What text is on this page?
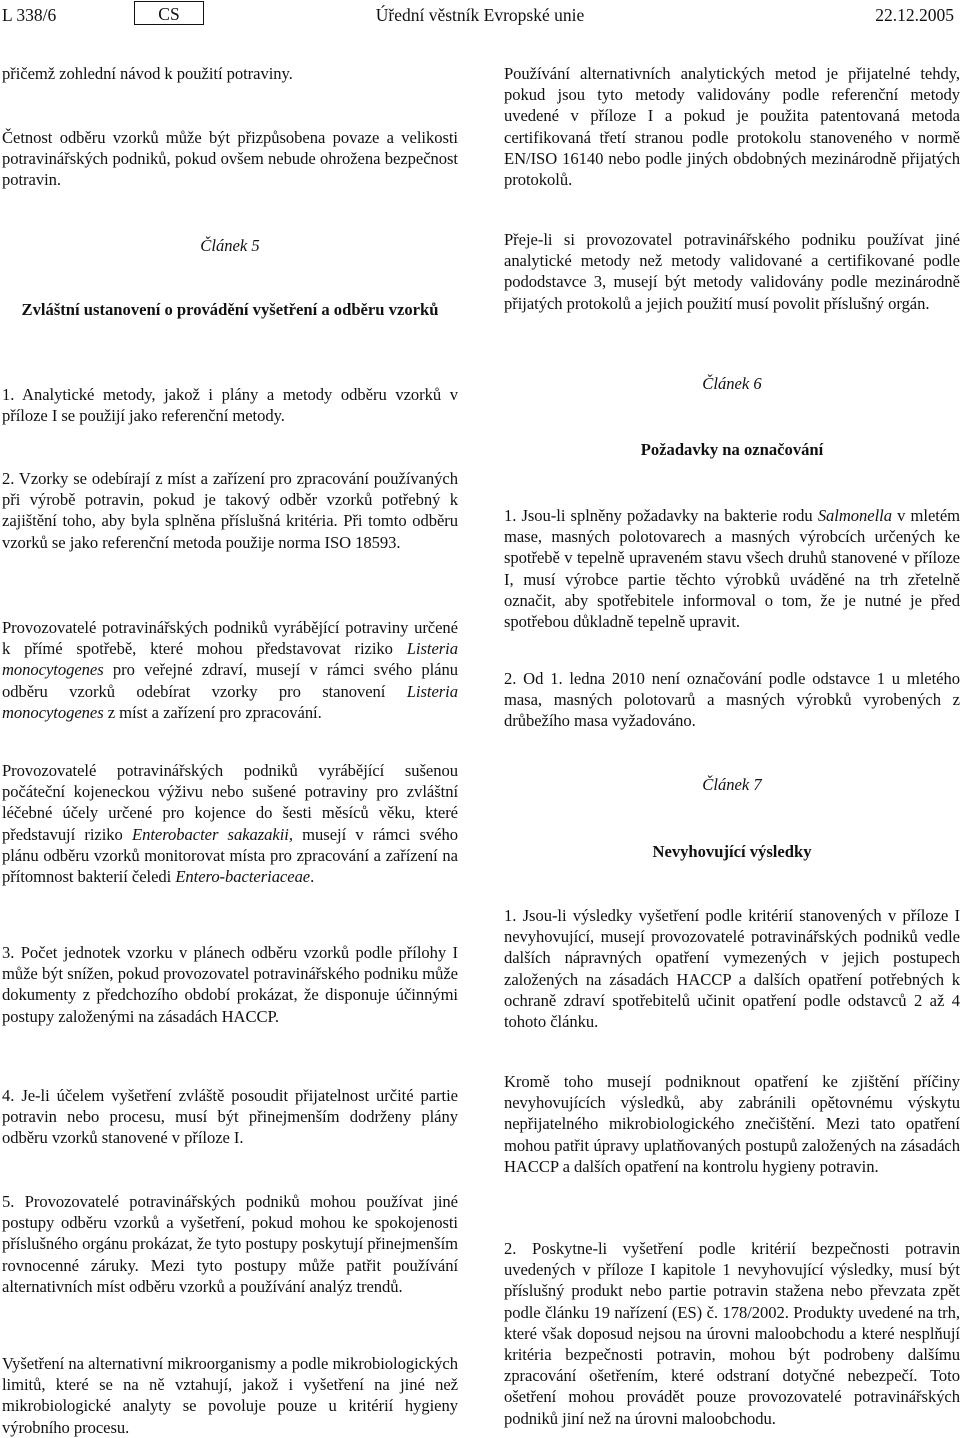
L 338/6	CS	Úřední věstník Evropské unie	22.12.2005

přičemž zohlední návod k použití potraviny.

Četnost odběru vzorků může být přizpůsobena povaze a velikosti potravinářských podniků, pokud ovšem nebude ohrožena bezpečnost potravin.

Článek 5
Zvláštní ustanovení o provádění vyšetření a odběru vzorků

1. Analytické metody, jakož i plány a metody odběru vzorků v příloze I se použijí jako referenční metody.

2. Vzorky se odebírají z míst a zařízení pro zpracování používaných při výrobě potravin, pokud je takový odběr vzorků potřebný k zajištění toho, aby byla splněna příslušná kritéria. Při tomto odběru vzorků se jako referenční metoda použije norma ISO 18593.

Provozovatelé potravinářských podniků vyrábějící potraviny určené k přímé spotřebě, které mohou představovat riziko Listeria monocytogenes pro veřejné zdraví, musejí v rámci svého plánu odběru vzorků odebírat vzorky pro stanovení Listeria monocytogenes z míst a zařízení pro zpracování.

Provozovatelé potravinářských podniků vyrábějící sušenou počáteční kojeneckou výživu nebo sušené potraviny pro zvláštní léčebné účely určené pro kojence do šesti měsíců věku, které představují riziko Enterobacter sakazakii, musejí v rámci svého plánu odběru vzorků monitorovat místa pro zpracování a zařízení na přítomnost bakterií čeledi Entero-bacteriaceae.

3. Počet jednotek vzorku v plánech odběru vzorků podle přílohy I může být snížen, pokud provozovatel potravinářského podniku může dokumenty z předchozího období prokázat, že disponuje účinnými postupy založenými na zásadách HACCP.

4. Je-li účelem vyšetření zvláště posoudit přijatelnost určité partie potravin nebo procesu, musí být přinejmenším dodrženy plány odběru vzorků stanovené v příloze I.

5. Provozovatelé potravinářských podniků mohou používat jiné postupy odběru vzorků a vyšetření, pokud mohou ke spokojenosti příslušného orgánu prokázat, že tyto postupy poskytují přinejmenším rovnocenné záruky. Mezi tyto postupy může patřit používání alternativních míst odběru vzorků a používání analýz trendů.

Vyšetření na alternativní mikroorganismy a podle mikrobiologických limitů, které se na ně vztahují, jakož i vyšetření na jiné než mikrobiologické analyty se povoluje pouze u kritérií hygieny výrobního procesu.

Používání alternativních analytických metod je přijatelné tehdy, pokud jsou tyto metody validovány podle referenční metody uvedené v příloze I a pokud je použita patentovaná metoda certifikovaná třetí stranou podle protokolu stanoveného v normě EN/ISO 16140 nebo podle jiných obdobných mezinárodně přijatých protokolů.

Přeje-li si provozovatel potravinářského podniku používat jiné analytické metody než metody validované a certifikované podle pododstavce 3, musejí být metody validovány podle mezinárodně přijatých protokolů a jejich použití musí povolit příslušný orgán.

Článek 6
Požadavky na označování

1. Jsou-li splněny požadavky na bakterie rodu Salmonella v mletém mase, masných polotovarech a masných výrobcích určených ke spotřebě v tepelně upraveném stavu všech druhů stanovené v příloze I, musí výrobce partie těchto výrobků uváděné na trh zřetelně označit, aby spotřebitele informoval o tom, že je nutné je před spotřebou důkladně tepelně upravit.

2. Od 1. ledna 2010 není označování podle odstavce 1 u mletého masa, masných polotovarů a masných výrobků vyrobených z drůbežího masa vyžadováno.

Článek 7
Nevyhovující výsledky

1. Jsou-li výsledky vyšetření podle kritérií stanovených v příloze I nevyhovující, musejí provozovatelé potravinářských podniků vedle dalších nápravných opatření vymezených v jejich postupech založených na zásadách HACCP a dalších opatření potřebných k ochraně zdraví spotřebitelů učinit opatření podle odstavců 2 až 4 tohoto článku.

Kromě toho musejí podniknout opatření ke zjištění příčiny nevyhovujících výsledků, aby zabránili opětovnému výskytu nepřijatelného mikrobiologického znečištění. Mezi tato opatření mohou patřit úpravy uplatňovaných postupů založených na zásadách HACCP a dalších opatření na kontrolu hygieny potravin.

2. Poskytne-li vyšetření podle kritérií bezpečnosti potravin uvedených v příloze I kapitole 1 nevyhovující výsledky, musí být příslušný produkt nebo partie potravin stažena nebo převzata zpět podle článku 19 nařízení (ES) č. 178/2002. Produkty uvedené na trh, které však doposud nejsou na úrovni maloobchodu a které nesplňují kritéria bezpečnosti potravin, mohou být podrobeny dalšímu zpracování ošetřením, které odstraní dotyčné nebezpečí. Toto ošetření mohou provádět pouze provozovatelé potravinářských podniků jiní než na úrovni maloobchodu.
